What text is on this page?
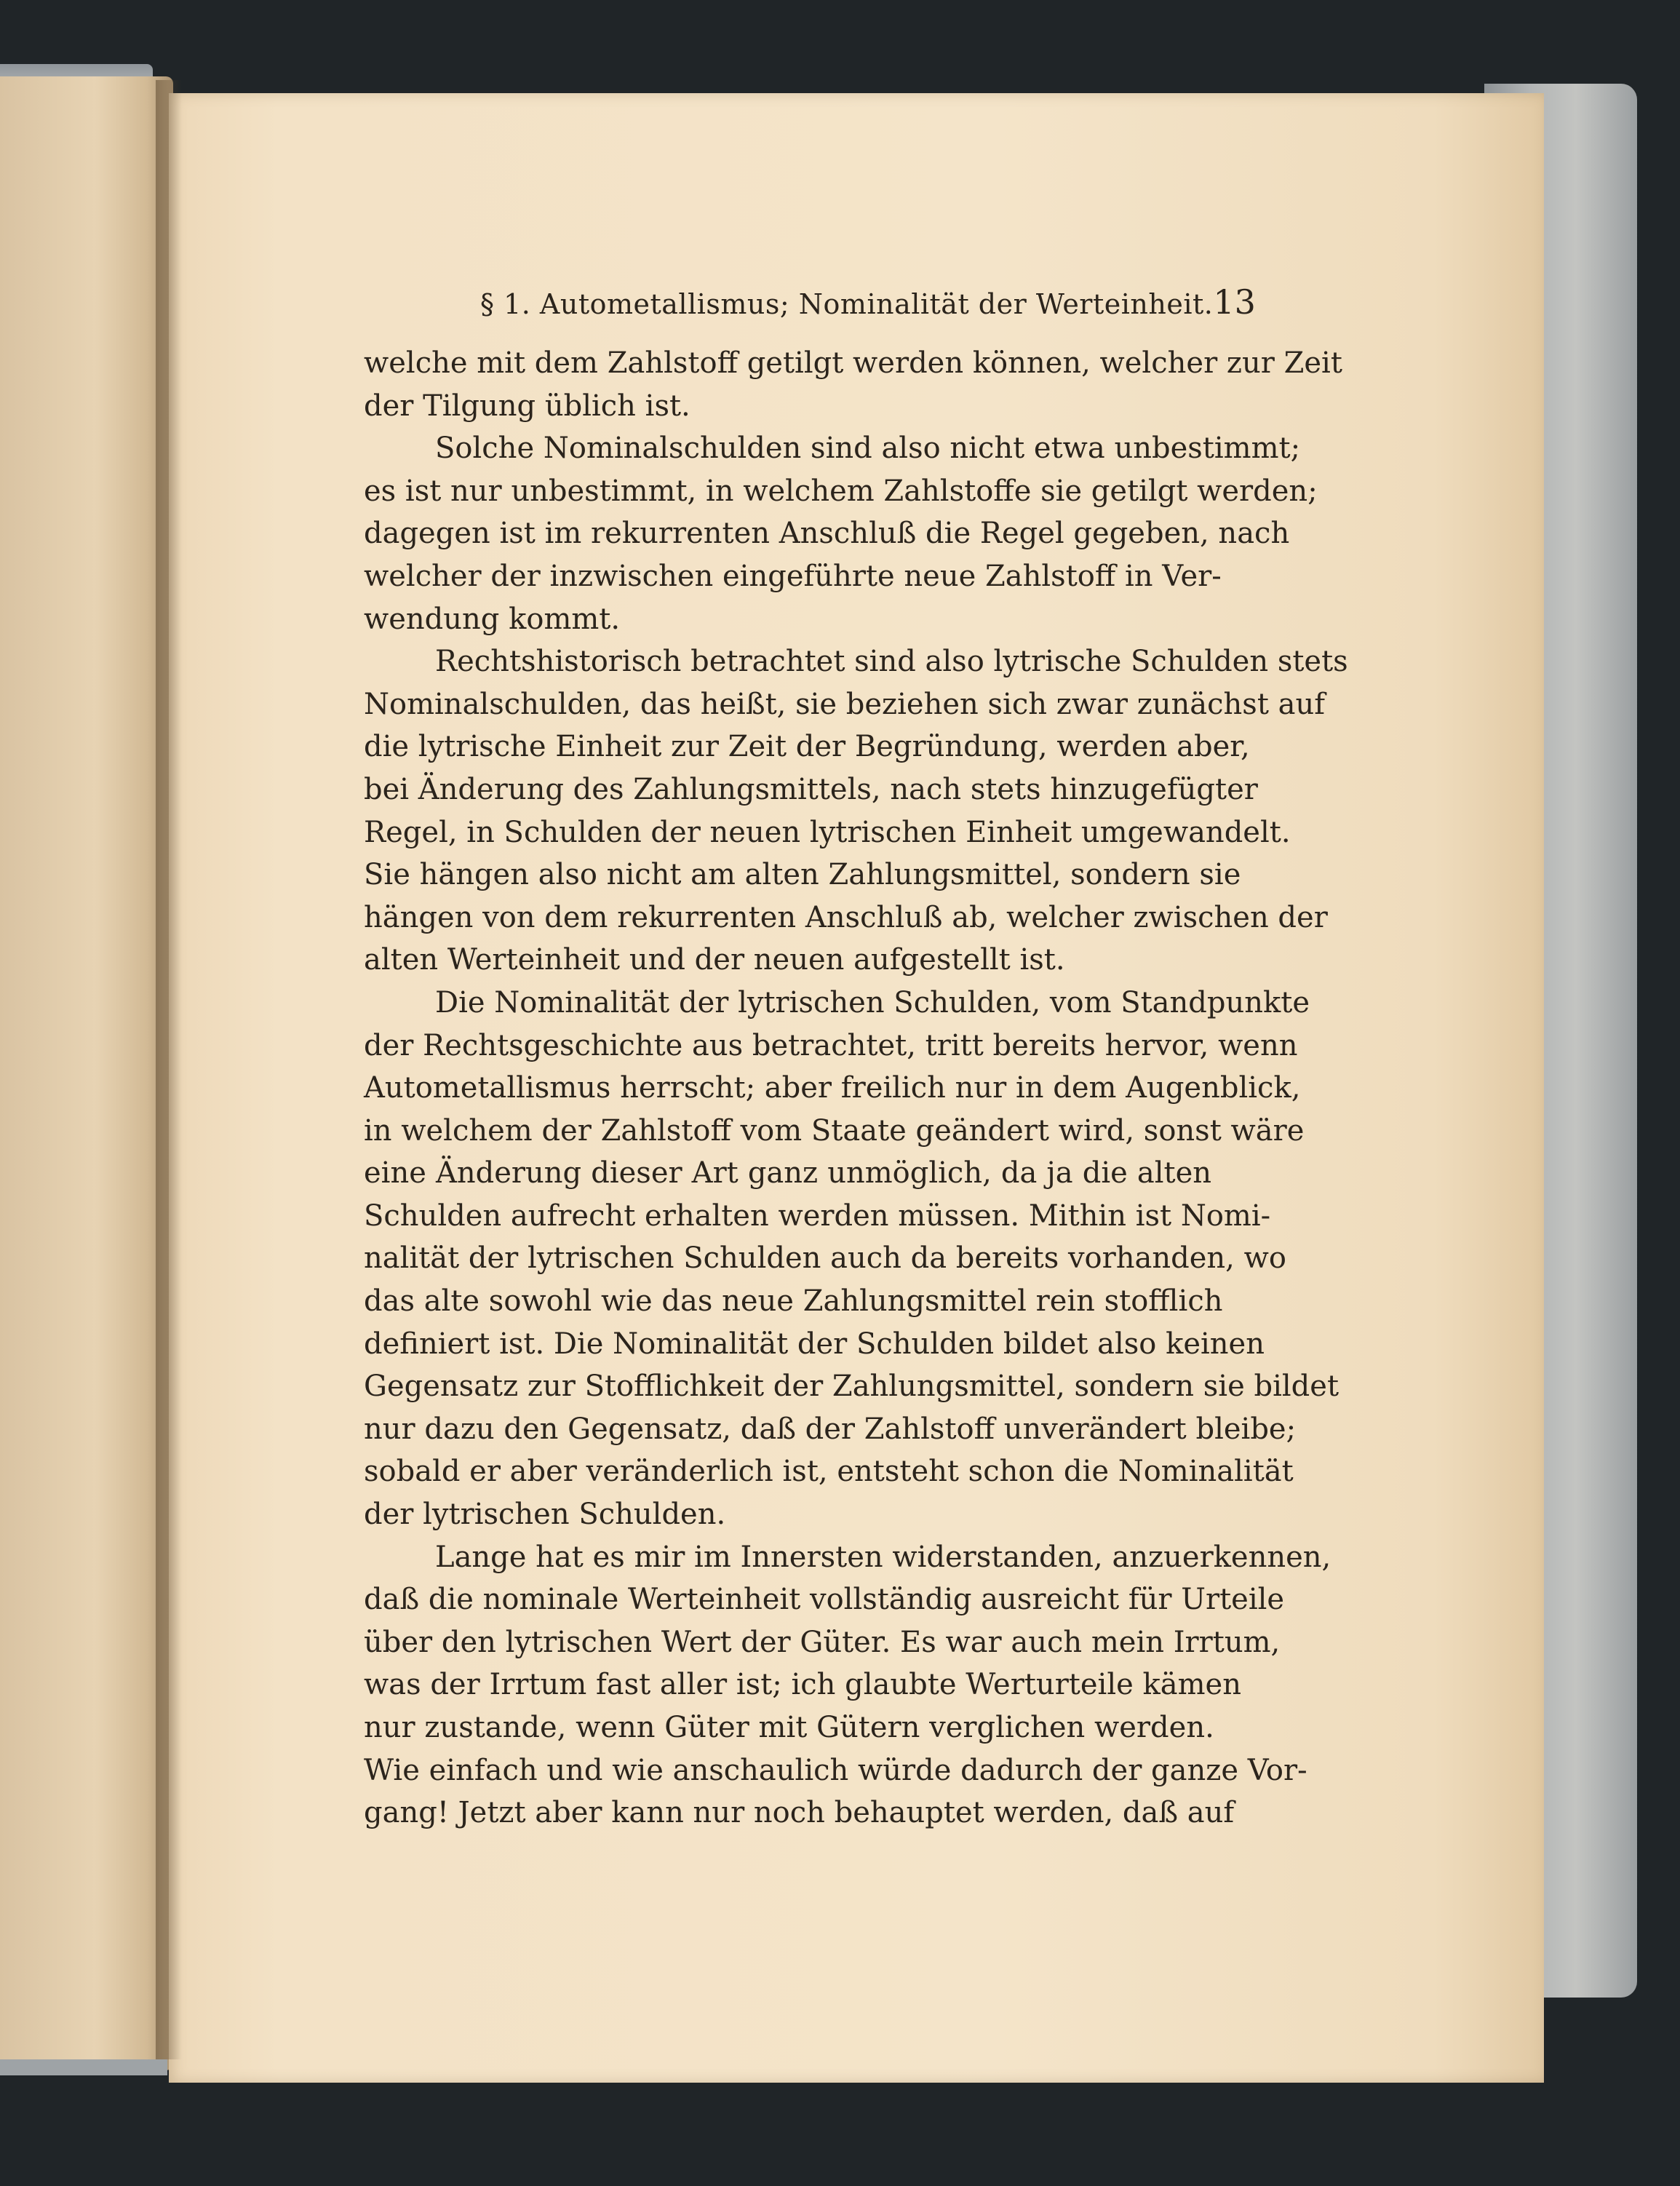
§ 1. Autometallismus; Nominalität der Werteinheit. 13
welche mit dem Zahlstoff getilgt werden können, welcher zur Zeit
der Tilgung üblich ist.
Solche Nominalschulden sind also nicht etwa unbestimmt;
es ist nur unbestimmt, in welchem Zahlstoffe sie getilgt werden;
dagegen ist im rekurrenten Anschluß die Regel gegeben, nach
welcher der inzwischen eingeführte neue Zahlstoff in Ver-
wendung kommt.
Rechtshistorisch betrachtet sind also lytrische Schulden stets
Nominalschulden, das heißt, sie beziehen sich zwar zunächst auf
die lytrische Einheit zur Zeit der Begründung, werden aber,
bei Änderung des Zahlungsmittels, nach stets hinzugefügter
Regel, in Schulden der neuen lytrischen Einheit umgewandelt.
Sie hängen also nicht am alten Zahlungsmittel, sondern sie
hängen von dem rekurrenten Anschluß ab, welcher zwischen der
alten Werteinheit und der neuen aufgestellt ist.
Die Nominalität der lytrischen Schulden, vom Standpunkte
der Rechtsgeschichte aus betrachtet, tritt bereits hervor, wenn
Autometallismus herrscht; aber freilich nur in dem Augenblick,
in welchem der Zahlstoff vom Staate geändert wird, sonst wäre
eine Änderung dieser Art ganz unmöglich, da ja die alten
Schulden aufrecht erhalten werden müssen. Mithin ist Nomi-
nalität der lytrischen Schulden auch da bereits vorhanden, wo
das alte sowohl wie das neue Zahlungsmittel rein stofflich
definiert ist. Die Nominalität der Schulden bildet also keinen
Gegensatz zur Stofflichkeit der Zahlungsmittel, sondern sie bildet
nur dazu den Gegensatz, daß der Zahlstoff unverändert bleibe;
sobald er aber veränderlich ist, entsteht schon die Nominalität
der lytrischen Schulden.
Lange hat es mir im Innersten widerstanden, anzuerkennen,
daß die nominale Werteinheit vollständig ausreicht für Urteile
über den lytrischen Wert der Güter. Es war auch mein Irrtum,
was der Irrtum fast aller ist; ich glaubte Werturteile kämen
nur zustande, wenn Güter mit Gütern verglichen werden.
Wie einfach und wie anschaulich würde dadurch der ganze Vor-
gang! Jetzt aber kann nur noch behauptet werden, daß auf
